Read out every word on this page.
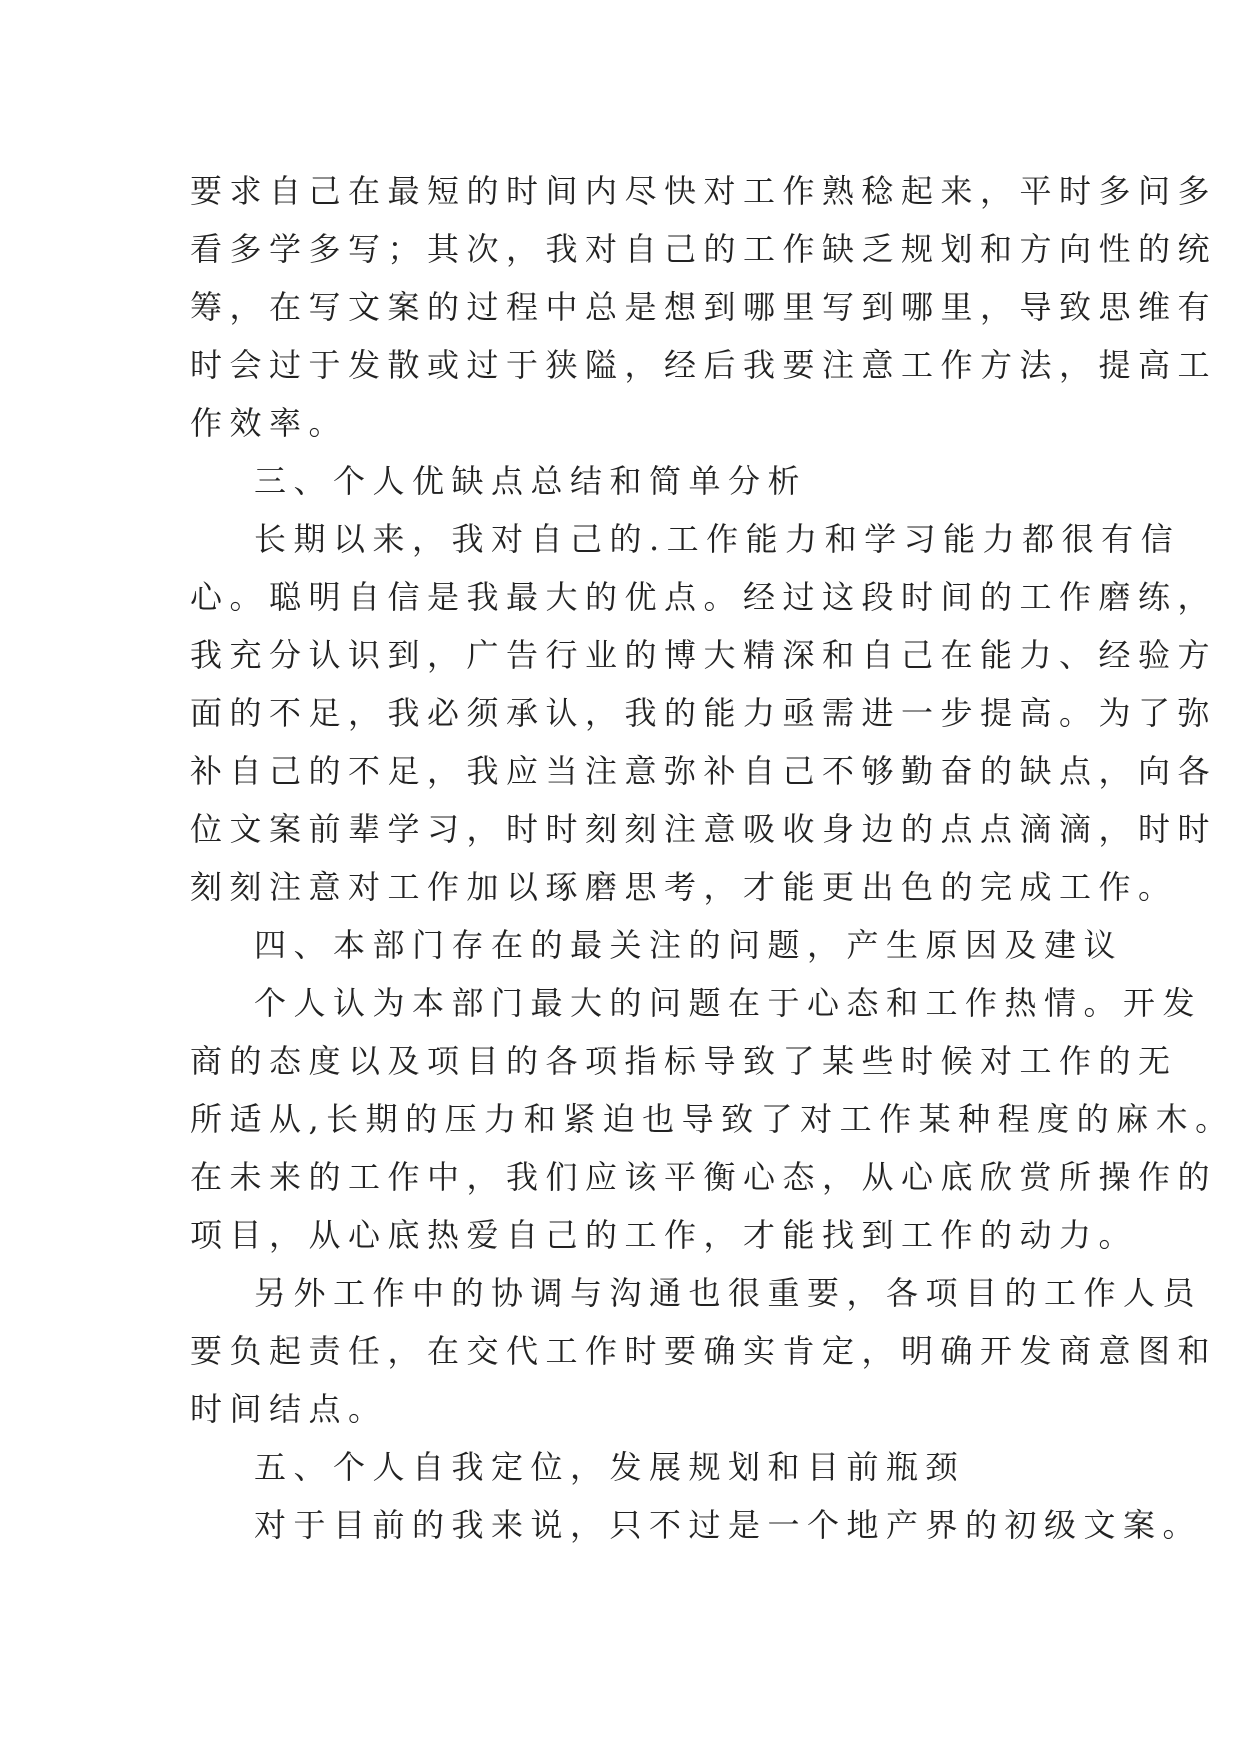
要求自己在最短的时间内尽快对工作熟稔起来，平时多问多
看多学多写；其次，我对自己的工作缺乏规划和方向性的统
筹，在写文案的过程中总是想到哪里写到哪里，导致思维有
时会过于发散或过于狭隘，经后我要注意工作方法，提高工
作效率。
三、个人优缺点总结和简单分析
长期以来，我对自己的.工作能力和学习能力都很有信
心。聪明自信是我最大的优点。经过这段时间的工作磨练，
我充分认识到，广告行业的博大精深和自己在能力、经验方
面的不足，我必须承认，我的能力亟需进一步提高。为了弥
补自己的不足，我应当注意弥补自己不够勤奋的缺点，向各
位文案前辈学习，时时刻刻注意吸收身边的点点滴滴，时时
刻刻注意对工作加以琢磨思考，才能更出色的完成工作。
四、本部门存在的最关注的问题，产生原因及建议
个人认为本部门最大的问题在于心态和工作热情。开发
商的态度以及项目的各项指标导致了某些时候对工作的无
所适从,长期的压力和紧迫也导致了对工作某种程度的麻木。
在未来的工作中，我们应该平衡心态，从心底欣赏所操作的
项目，从心底热爱自己的工作，才能找到工作的动力。
另外工作中的协调与沟通也很重要，各项目的工作人员
要负起责任，在交代工作时要确实肯定，明确开发商意图和
时间结点。
五、个人自我定位，发展规划和目前瓶颈
对于目前的我来说，只不过是一个地产界的初级文案。
